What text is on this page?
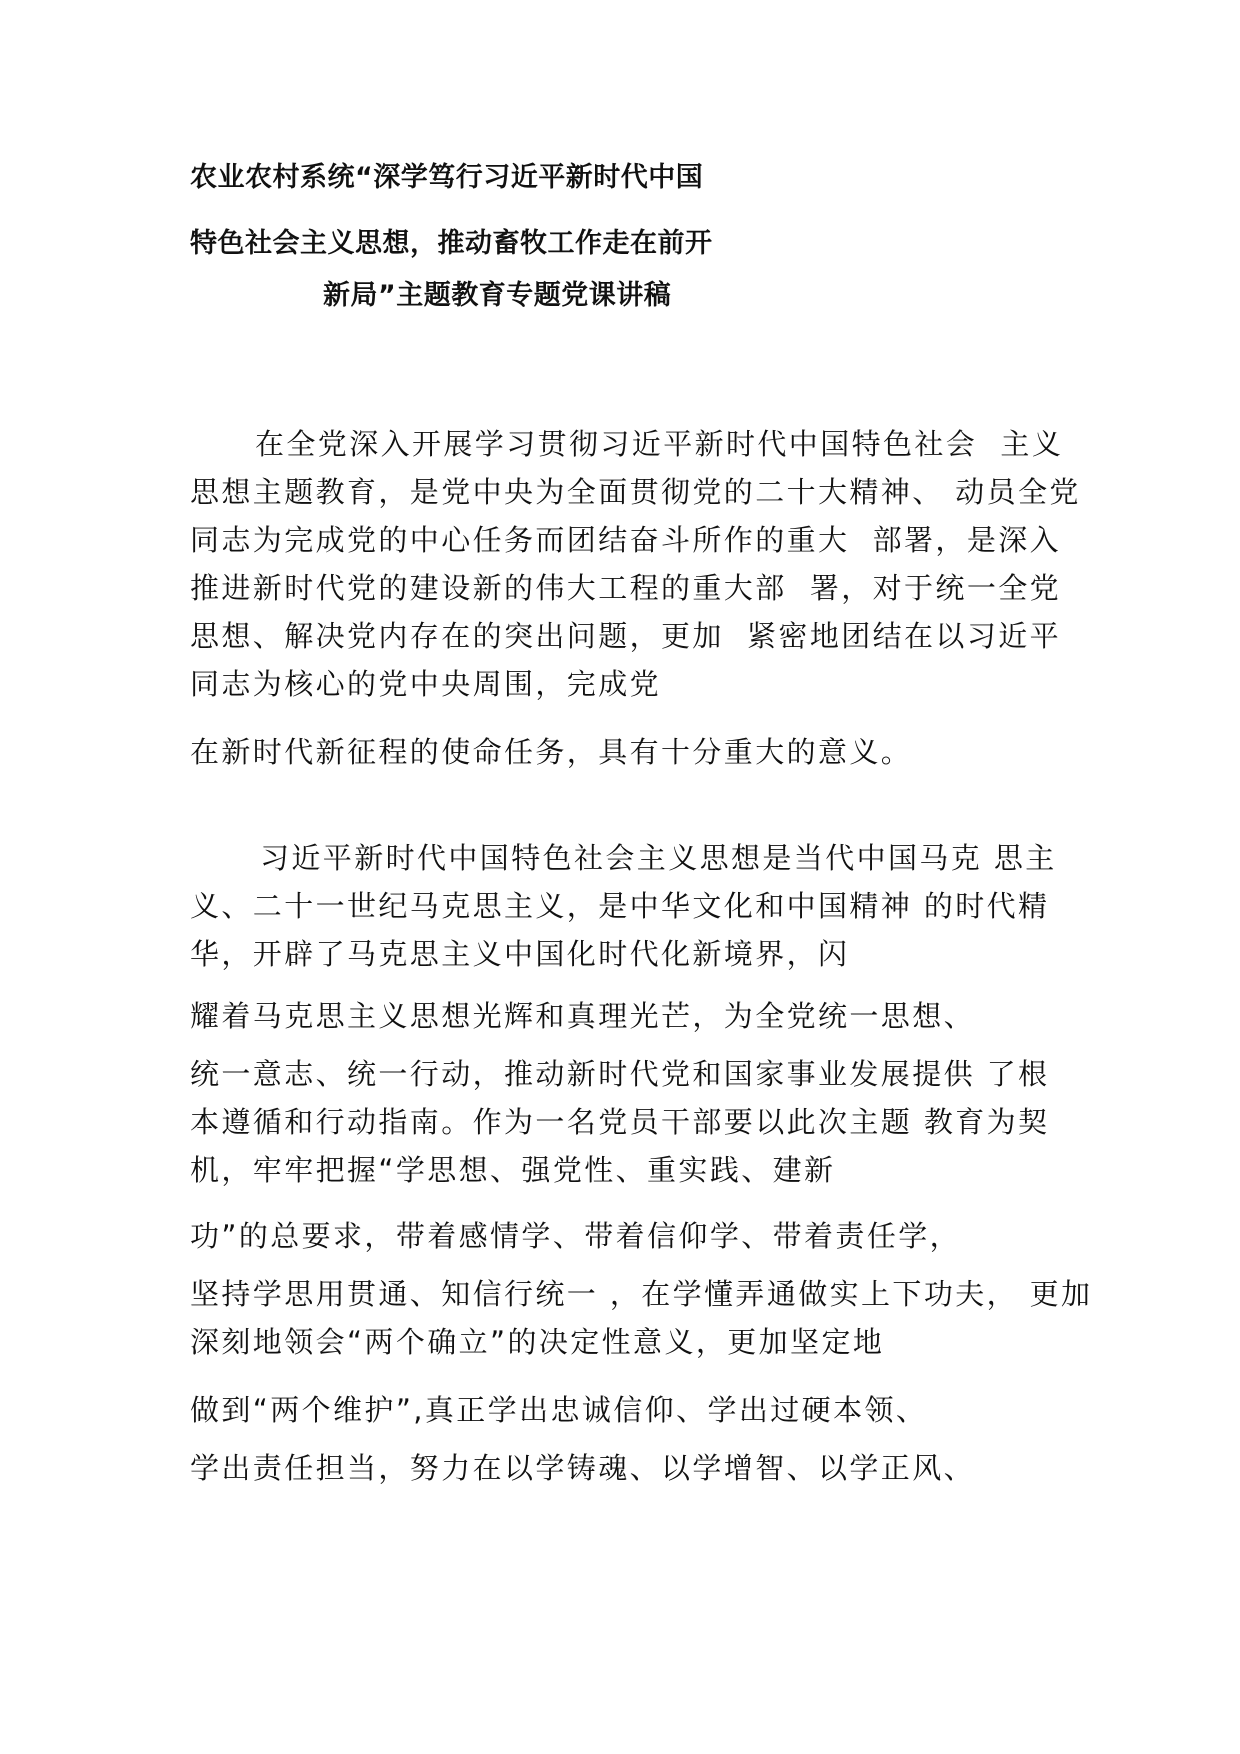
农业农村系统“深学笃行习近平新时代中国
特色社会主义思想，推动畜牧工作走在前开
新局”主题教育专题党课讲稿
在全党深入开展学习贯彻习近平新时代中国特色社会  主义
思想主题教育，是党中央为全面贯彻党的二十大精神、 动员全党
同志为完成党的中心任务而团结奋斗所作的重大  部署，是深入
推进新时代党的建设新的伟大工程的重大部  署，对于统一全党
思想、解决党内存在的突出问题，更加  紧密地团结在以习近平
同志为核心的党中央周围，完成党
在新时代新征程的使命任务，具有十分重大的意义。
习近平新时代中国特色社会主义思想是当代中国马克 思主
义、二十一世纪马克思主义，是中华文化和中国精神 的时代精
华，开辟了马克思主义中国化时代化新境界，闪
耀着马克思主义思想光辉和真理光芒，为全党统一思想、
统一意志、统一行动，推动新时代党和国家事业发展提供 了根
本遵循和行动指南。作为一名党员干部要以此次主题 教育为契
机，牢牢把握“学思想、强党性、重实践、建新
功”的总要求，带着感情学、带着信仰学、带着责任学，
坚持学思用贯通、知信行统一 ，在学懂弄通做实上下功夫， 更加
深刻地领会“两个确立”的决定性意义，更加坚定地
做到“两个维护”,真正学出忠诚信仰、学出过硬本领、
学出责任担当，努力在以学铸魂、以学增智、以学正风、
